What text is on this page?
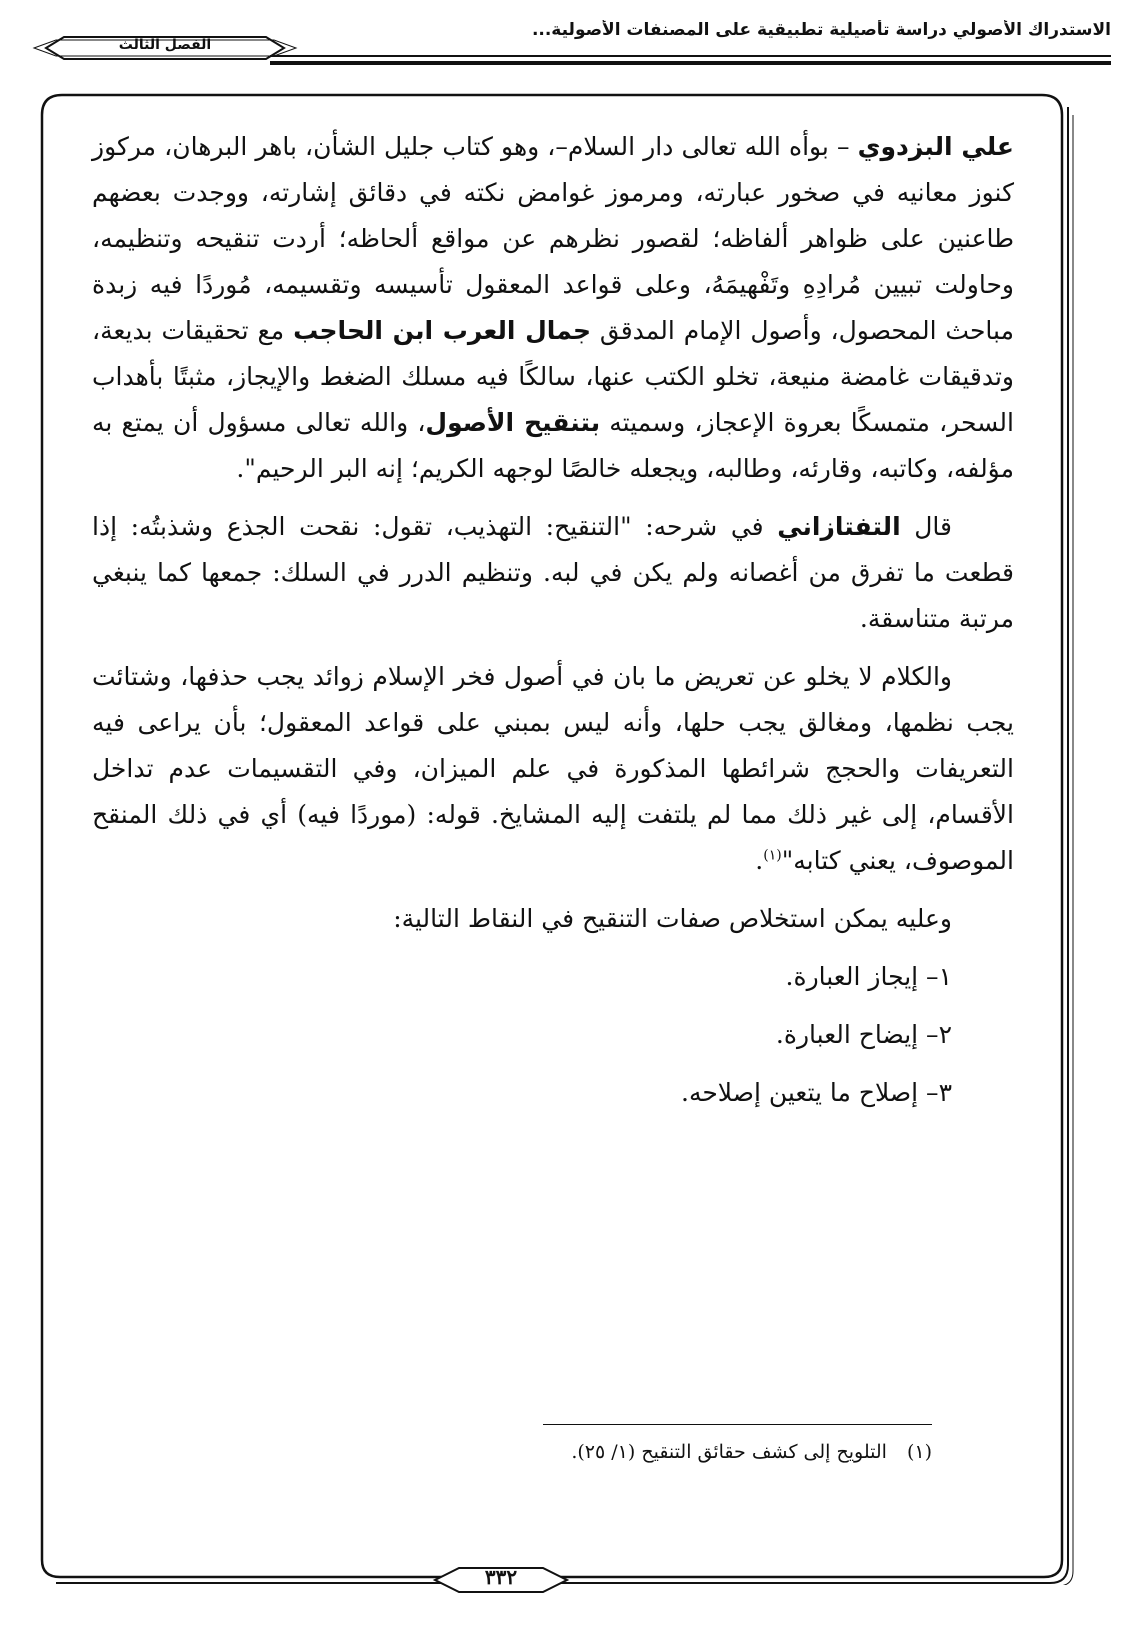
الاستدراك الأصولي دراسة تأصيلية تطبيقية على المصنفات الأصولية...
الفصل الثالث

علي البزدوي – بوأه الله تعالى دار السلام–، وهو كتاب جليل الشأن، باهر البرهان، مركوز كنوز معانيه في صخور عبارته، ومرموز غوامض نكته في دقائق إشارته، ووجدت بعضهم طاعنين على ظواهر ألفاظه؛ لقصور نظرهم عن مواقع ألحاظه؛ أردت تنقيحه وتنظيمه، وحاولت تبيين مُرادِهِ وتَفْهيمَهُ، وعلى قواعد المعقول تأسيسه وتقسيمه، مُوردًا فيه زبدة مباحث المحصول، وأصول الإمام المدقق جمال العرب ابن الحاجب مع تحقيقات بديعة، وتدقيقات غامضة منيعة، تخلو الكتب عنها، سالكًا فيه مسلك الضغط والإيجاز، مثبتًا بأهداب السحر، متمسكًا بعروة الإعجاز، وسميته بتنقيح الأصول، والله تعالى مسؤول أن يمتع به مؤلفه، وكاتبه، وقارئه، وطالبه، ويجعله خالصًا لوجهه الكريم؛ إنه البر الرحيم".

قال التفتازاني في شرحه: "التنقيح: التهذيب، تقول: نقحت الجذع وشذبتُه: إذا قطعت ما تفرق من أغصانه ولم يكن في لبه. وتنظيم الدرر في السلك: جمعها كما ينبغي مرتبة متناسقة.

والكلام لا يخلو عن تعريض ما بان في أصول فخر الإسلام زوائد يجب حذفها، وشتائت يجب نظمها، ومغالق يجب حلها، وأنه ليس بمبني على قواعد المعقول؛ بأن يراعى فيه التعريفات والحجج شرائطها المذكورة في علم الميزان، وفي التقسيمات عدم تداخل الأقسام، إلى غير ذلك مما لم يلتفت إليه المشايخ. قوله: (موردًا فيه) أي في ذلك المنقح الموصوف، يعني كتابه"$^{(١)}$.

وعليه يمكن استخلاص صفات التنقيح في النقاط التالية:

١– إيجاز العبارة.

٢– إيضاح العبارة.

٣– إصلاح ما يتعين إصلاحه.

(١)التلويح إلى كشف حقائق التنقيح (١/ ٢٥).
٣٣٢
